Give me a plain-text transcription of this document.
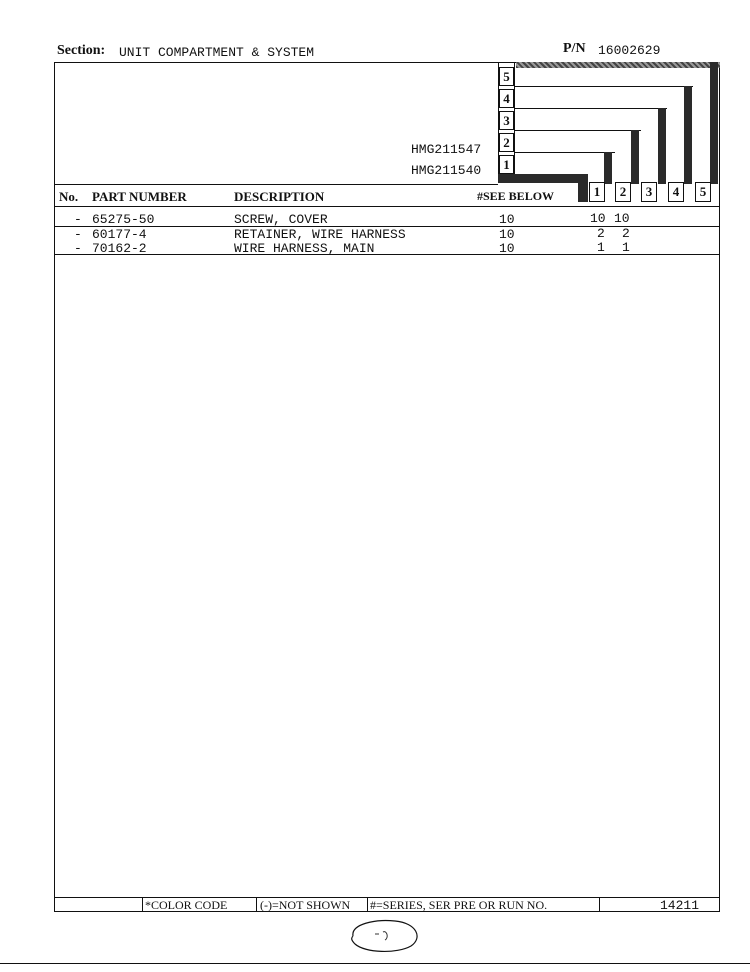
Section: UNIT COMPARTMENT & SYSTEM	P/N 16002629
5
4
3
2
1
HMG211547
HMG211540
1	2	3	4	5
No. PART NUMBER	DESCRIPTION	#SEE BELOW
- 65275-50	SCREW, COVER	10	10 10
- 60177-4	RETAINER, WIRE HARNESS	10	2 2
- 70162-2	WIRE HARNESS, MAIN	10	1 1
*COLOR CODE	(-)=NOT SHOWN #=SERIES, SER PRE OR RUN NO.	14211
